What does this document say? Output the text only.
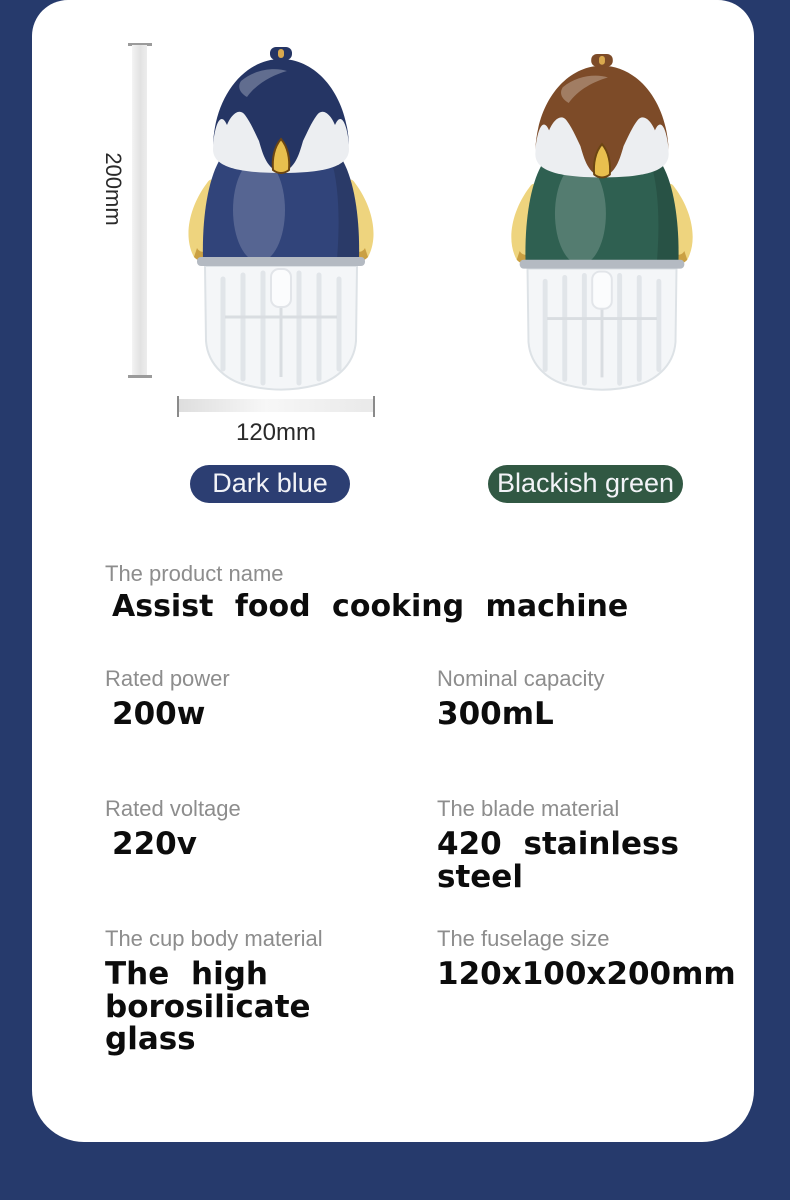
200mm
120mm
Dark blue	Blackish green
The product name
Assist food cooking machine
Rated power
200w
Nominal capacity
300mL
Rated voltage
220v
The blade material
420 stainless steel
The cup body material
The high borosilicate glass
The fuselage size
120x100x200mm
